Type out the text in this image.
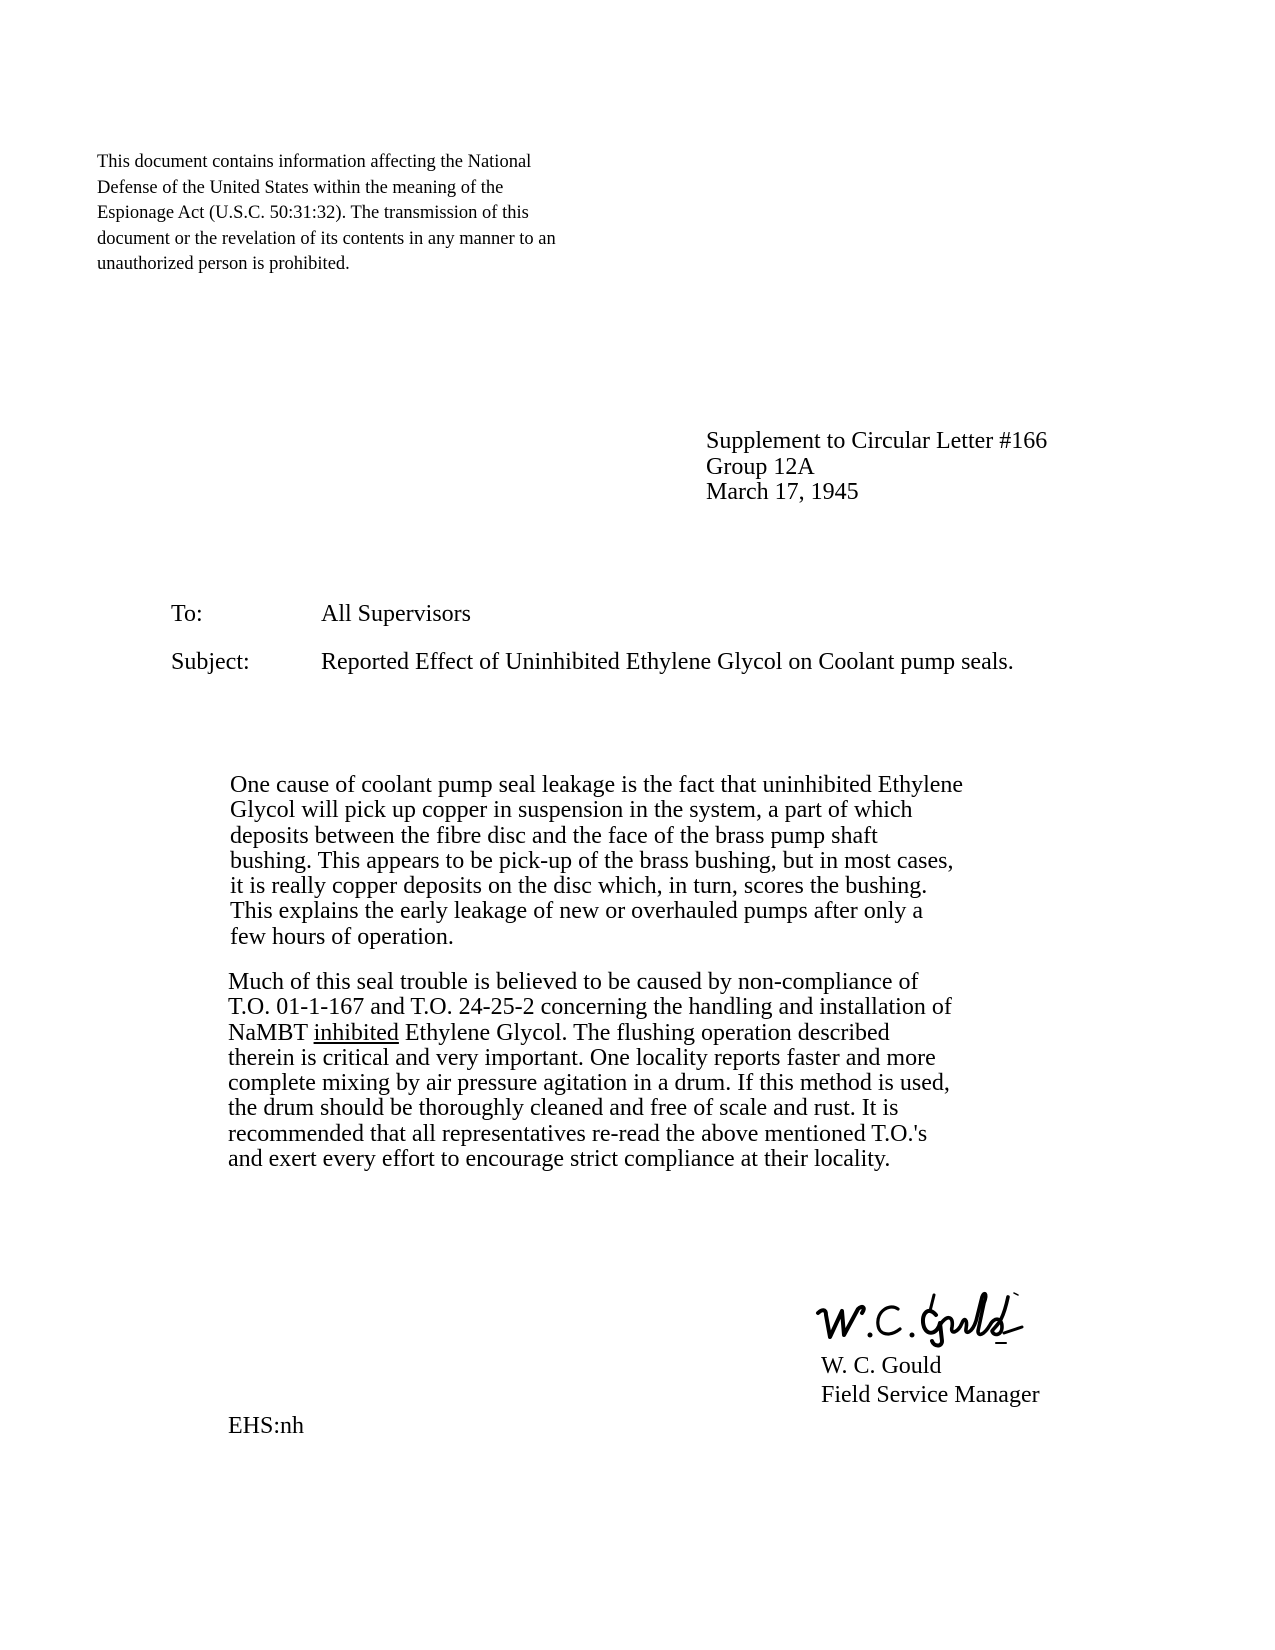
This document contains information affecting the National
Defense of the United States within the meaning of the
Espionage Act (U.S.C. 50:31:32). The transmission of this
document or the revelation of its contents in any manner to an
unauthorized person is prohibited.
Supplement to Circular Letter #166
Group 12A
March 17, 1945
To:	All Supervisors
Subject:	Reported Effect of Uninhibited Ethylene Glycol on Coolant pump seals.
One cause of coolant pump seal leakage is the fact that uninhibited Ethylene
Glycol will pick up copper in suspension in the system, a part of which
deposits between the fibre disc and the face of the brass pump shaft
bushing. This appears to be pick-up of the brass bushing, but in most cases,
it is really copper deposits on the disc which, in turn, scores the bushing.
This explains the early leakage of new or overhauled pumps after only a
few hours of operation.
Much of this seal trouble is believed to be caused by non-compliance of
T.O. 01-1-167 and T.O. 24-25-2 concerning the handling and installation of
NaMBT inhibited Ethylene Glycol. The flushing operation described
therein is critical and very important. One locality reports faster and more
complete mixing by air pressure agitation in a drum. If this method is used,
the drum should be thoroughly cleaned and free of scale and rust. It is
recommended that all representatives re-read the above mentioned T.O.'s
and exert every effort to encourage strict compliance at their locality.
W. C. Gould
Field Service Manager
EHS:nh
